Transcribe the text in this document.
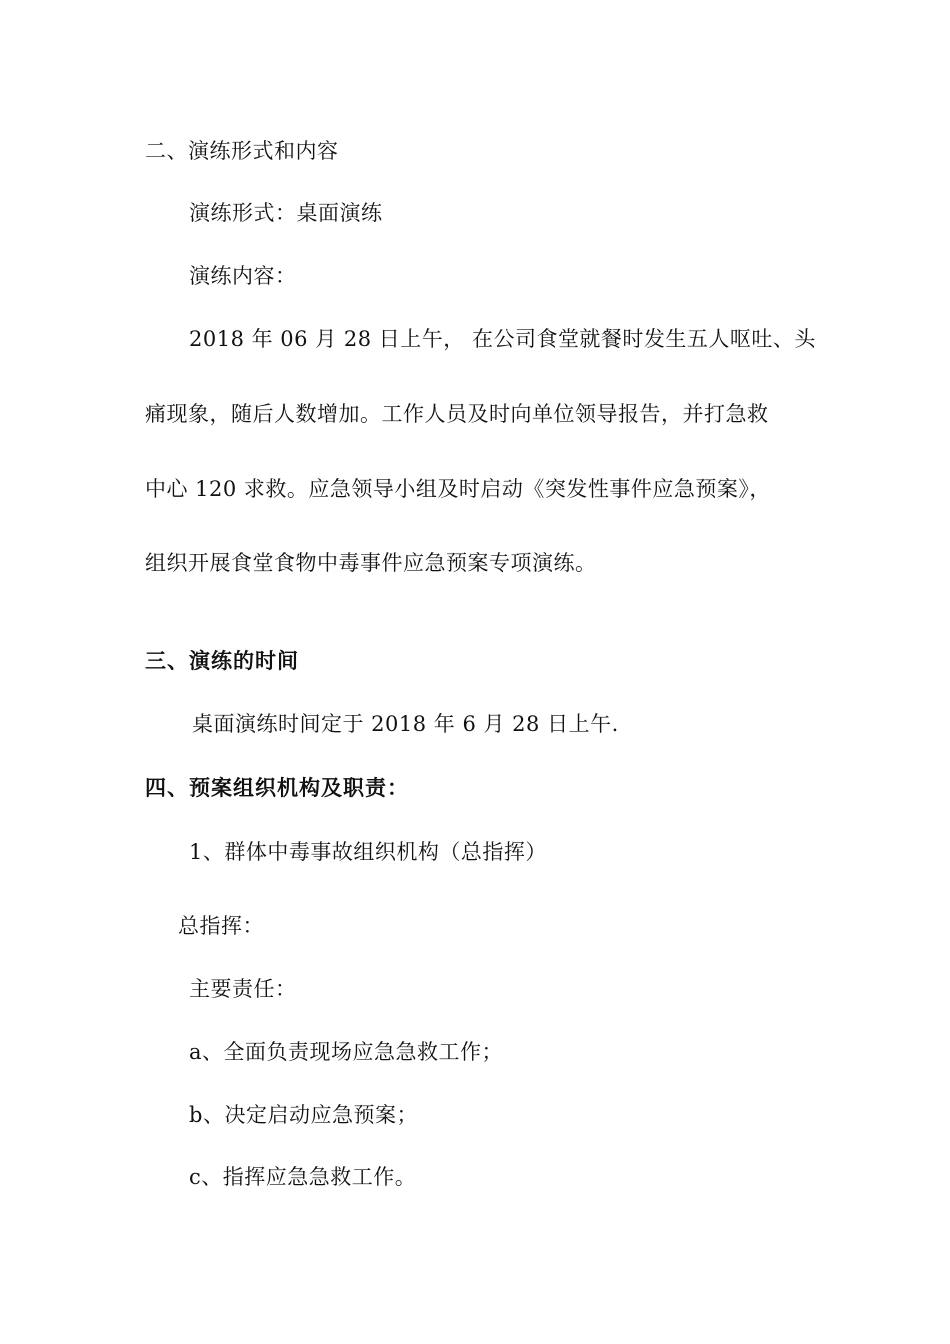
二、演练形式和内容
演练形式：桌面演练
演练内容：
2018 年 06 月 28 日上午， 在公司食堂就餐时发生五人呕吐、头
痛现象，随后人数增加。工作人员及时向单位领导报告，并打急救
中心 120 求救。应急领导小组及时启动《突发性事件应急预案》，
组织开展食堂食物中毒事件应急预案专项演练。
三、演练的时间
桌面演练时间定于 2018 年 6 月 28 日上午.
四、预案组织机构及职责：
1、群体中毒事故组织机构（总指挥）
总指挥：
主要责任：
a、全面负责现场应急急救工作；
b、决定启动应急预案；
c、指挥应急急救工作。
